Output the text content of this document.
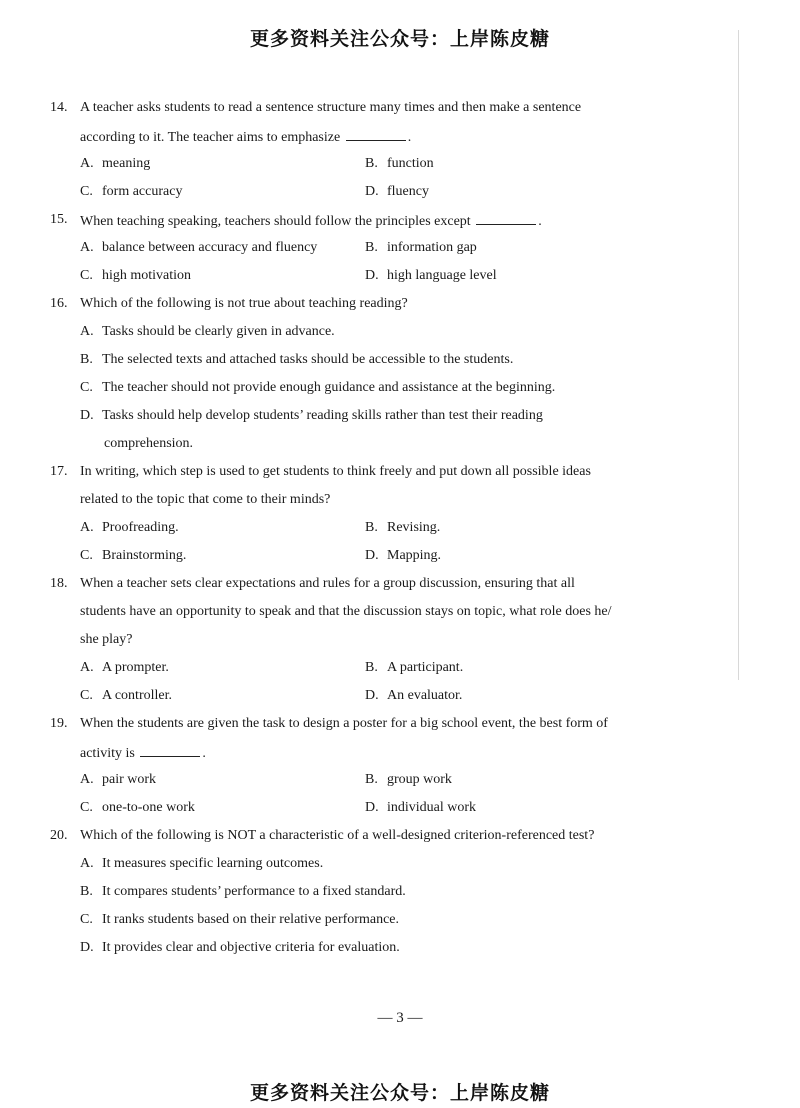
更多资料关注公众号：上岸陈皮糖
14. A teacher asks students to read a sentence structure many times and then make a sentence
according to it. The teacher aims to emphasize	.
A. meaning	B. function
C. form accuracy	D. fluency
15. When teaching speaking, teachers should follow the principles except	.
A. balance between accuracy and fluency	B. information gap
C. high motivation	D. high language level
16. Which of the following is not true about teaching reading?
A. Tasks should be clearly given in advance.
B. The selected texts and attached tasks should be accessible to the students.
C. The teacher should not provide enough guidance and assistance at the beginning.
D. Tasks should help develop students’ reading skills rather than test their reading
comprehension.
17. In writing, which step is used to get students to think freely and put down all possible ideas
related to the topic that come to their minds?
A. Proofreading.	B. Revising.
C. Brainstorming.	D. Mapping.
18. When a teacher sets clear expectations and rules for a group discussion, ensuring that all
students have an opportunity to speak and that the discussion stays on topic, what role does he/
she play?
A. A prompter.	B. A participant.
C. A controller.	D. An evaluator.
19. When the students are given the task to design a poster for a big school event, the best form of
activity is	.
A. pair work	B. group work
C. one-to-one work	D. individual work
20. Which of the following is NOT a characteristic of a well-designed criterion-referenced test?
A. It measures specific learning outcomes.
B. It compares students’ performance to a fixed standard.
C. It ranks students based on their relative performance.
D. It provides clear and objective criteria for evaluation.
— 3 —
更多资料关注公众号：上岸陈皮糖
